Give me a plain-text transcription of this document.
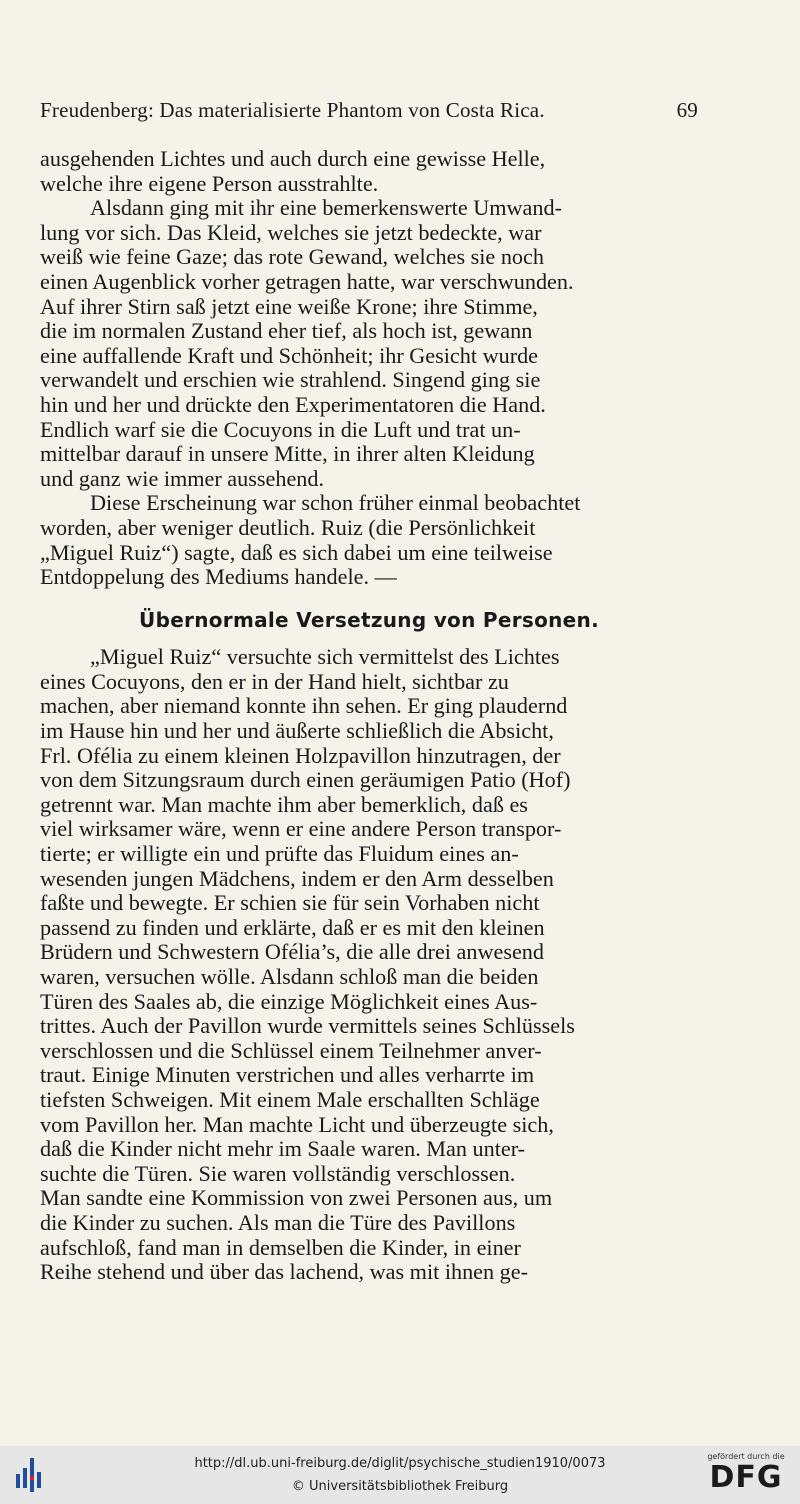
Freudenberg: Das materialisierte Phantom von Costa Rica.	69

ausgehenden Lichtes und auch durch eine gewisse Helle,

welche ihre eigene Person ausstrahlte.

Alsdann ging mit ihr eine bemerkenswerte Umwand-

lung vor sich. Das Kleid, welches sie jetzt bedeckte, war

weiß wie feine Gaze; das rote Gewand, welches sie noch

einen Augenblick vorher getragen hatte, war verschwunden.

Auf ihrer Stirn saß jetzt eine weiße Krone; ihre Stimme,

die im normalen Zustand eher tief, als hoch ist, gewann

eine auffallende Kraft und Schönheit; ihr Gesicht wurde

verwandelt und erschien wie strahlend. Singend ging sie

hin und her und drückte den Experimentatoren die Hand.

Endlich warf sie die Cocuyons in die Luft und trat un-

mittelbar darauf in unsere Mitte, in ihrer alten Kleidung

und ganz wie immer aussehend.

Diese Erscheinung war schon früher einmal beobachtet

worden, aber weniger deutlich. Ruiz (die Persönlichkeit

„Miguel Ruiz“) sagte, daß es sich dabei um eine teilweise

Entdoppelung des Mediums handele. —

Übernormale Versetzung von Personen.

„Miguel Ruiz“ versuchte sich vermittelst des Lichtes

eines Cocuyons, den er in der Hand hielt, sichtbar zu

machen, aber niemand konnte ihn sehen. Er ging plaudernd

im Hause hin und her und äußerte schließlich die Absicht,

Frl. Ofélia zu einem kleinen Holzpavillon hinzutragen, der

von dem Sitzungsraum durch einen geräumigen Patio (Hof)

getrennt war. Man machte ihm aber bemerklich, daß es

viel wirksamer wäre, wenn er eine andere Person transpor-

tierte; er willigte ein und prüfte das Fluidum eines an-

wesenden jungen Mädchens, indem er den Arm desselben

faßte und bewegte. Er schien sie für sein Vorhaben nicht

passend zu finden und erklärte, daß er es mit den kleinen

Brüdern und Schwestern Ofélia’s, die alle drei anwesend

waren, versuchen wölle. Alsdann schloß man die beiden

Türen des Saales ab, die einzige Möglichkeit eines Aus-

trittes. Auch der Pavillon wurde vermittels seines Schlüssels

verschlossen und die Schlüssel einem Teilnehmer anver-

traut. Einige Minuten verstrichen und alles verharrte im

tiefsten Schweigen. Mit einem Male erschallten Schläge

vom Pavillon her. Man machte Licht und überzeugte sich,

daß die Kinder nicht mehr im Saale waren. Man unter-

suchte die Türen. Sie waren vollständig verschlossen.

Man sandte eine Kommission von zwei Personen aus, um

die Kinder zu suchen. Als man die Türe des Pavillons

aufschloß, fand man in demselben die Kinder, in einer

Reihe stehend und über das lachend, was mit ihnen ge-

http://dl.ub.uni-freiburg.de/diglit/psychische_studien1910/0073
© Universitätsbibliothek Freiburg
gefördert durch die
DFG
